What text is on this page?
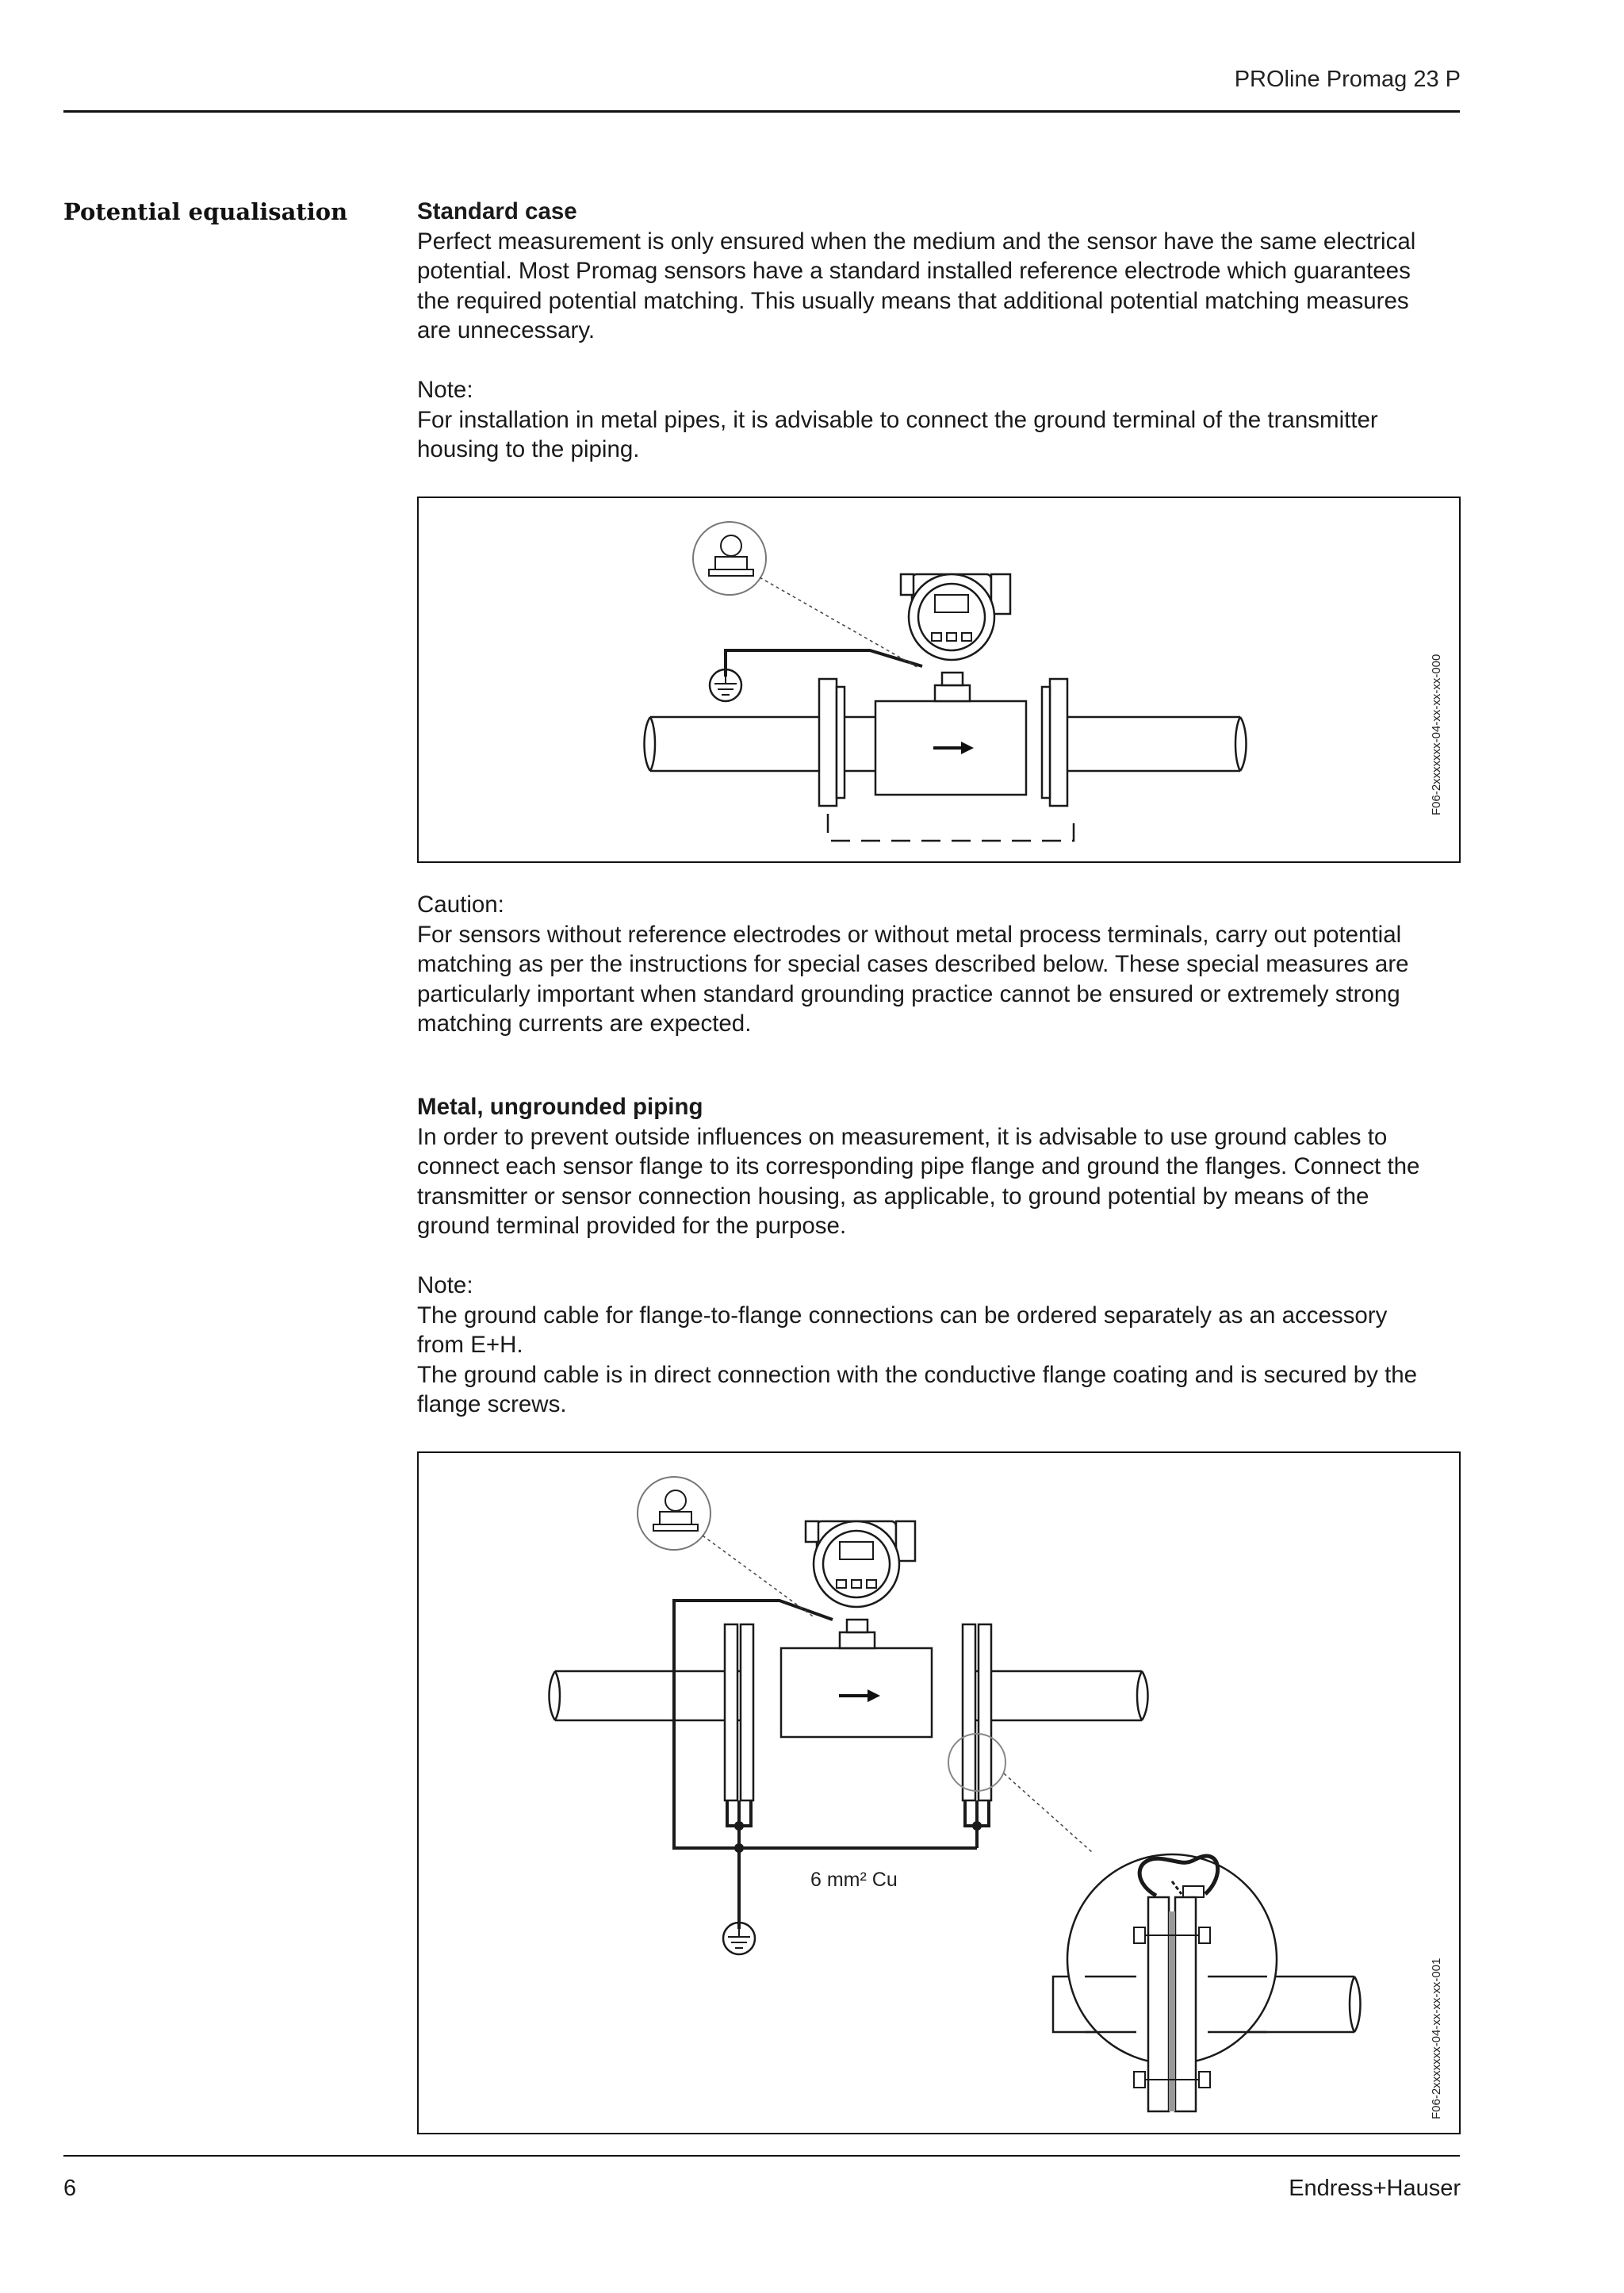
PROline Promag 23 P
Potential equalisation	Standard case

Perfect measurement is only ensured when the medium and the sensor have the same electrical

potential. Most Promag sensors have a standard installed reference electrode which guarantees

the required potential matching. This usually means that additional potential matching measures

are unnecessary.

Note:

For installation in metal pipes, it is advisable to connect the ground terminal of the transmitter

housing to the piping.

F06-2xxxxxxx-04-xx-xx-xx-000

Caution:

For sensors without reference electrodes or without metal process terminals, carry out potential

matching as per the instructions for special cases described below. These special measures are

particularly important when standard grounding practice cannot be ensured or extremely strong

matching currents are expected.

Metal, ungrounded piping

In order to prevent outside influences on measurement, it is advisable to use ground cables to

connect each sensor flange to its corresponding pipe flange and ground the flanges. Connect the

transmitter or sensor connection housing, as applicable, to ground potential by means of the

ground terminal provided for the purpose.

Note:

The ground cable for flange-to-flange connections can be ordered separately as an accessory

from E+H.

The ground cable is in direct connection with the conductive flange coating and is secured by the

flange screws.

6 mm² Cu
F06-2xxxxxxx-04-xx-xx-xx-001
6	Endress+Hauser
